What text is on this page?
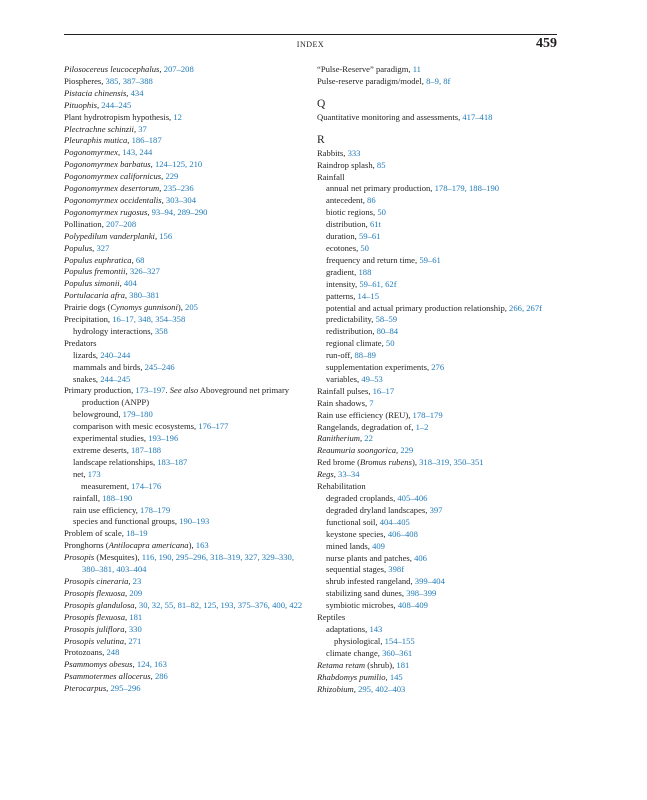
INDEX	459
Pilosocereus leucocephalus, 207–208
Piospheres, 385, 387–388
Pistacia chinensis, 434
Pituophis, 244–245
Plant hydrotropism hypothesis, 12
Plectrachne schinzii, 37
Pleuraphis mutica, 186–187
Pogonomyrmex, 143, 244
Pogonomyrmex barbatus, 124–125, 210
Pogonomyrmex californicus, 229
Pogonomyrmex desertorum, 235–236
Pogonomyrmex occidentalis, 303–304
Pogonomyrmex rugosus, 93–94, 289–290
Pollination, 207–208
Polypedilum vanderplanki, 156
Populus, 327
Populus euphratica, 68
Populus fremontii, 326–327
Populus simonii, 404
Portulacaria afra, 380–381
Prairie dogs (Cynomys gunnisoni), 205
Precipitation, 16–17, 348, 354–358
hydrology interactions, 358
Predators
lizards, 240–244
mammals and birds, 245–246
snakes, 244–245
Primary production, 173–197. See also Aboveground net primary production (ANPP)
belowground, 179–180
comparison with mesic ecosystems, 176–177
experimental studies, 193–196
extreme deserts, 187–188
landscape relationships, 183–187
net, 173
measurement, 174–176
rainfall, 188–190
rain use efficiency, 178–179
species and functional groups, 190–193
Problem of scale, 18–19
Pronghorns (Antilocapra americana), 163
Prosopis (Mesquites), 116, 190, 295–296, 318–319, 327, 329–330, 380–381, 403–404
Prosopis cineraria, 23
Prosopis flexuosa, 209
Prosopis glandulosa, 30, 32, 55, 81–82, 125, 193, 375–376, 400, 422
Prosopis flexuosa, 181
Prosopis juliflora, 330
Prosopis velutina, 271
Protozoans, 248
Psammomys obesus, 124, 163
Psammotermes allocerus, 286
Pterocarpus, 295–296
“Pulse-Reserve” paradigm, 11
Pulse-reserve paradigm/model, 8–9, 8f
Q
Quantitative monitoring and assessments, 417–418
R
Rabbits, 333
Raindrop splash, 85
Rainfall
annual net primary production, 178–179, 188–190
antecedent, 86
biotic regions, 50
distribution, 61t
duration, 59–61
ecotones, 50
frequency and return time, 59–61
gradient, 188
intensity, 59–61, 62f
patterns, 14–15
potential and actual primary production relationship, 266, 267f
predictability, 58–59
redistribution, 80–84
regional climate, 50
run-off, 88–89
supplementation experiments, 276
variables, 49–53
Rainfall pulses, 16–17
Rain shadows, 7
Rain use efficiency (REU), 178–179
Rangelands, degradation of, 1–2
Ranitherium, 22
Reaumuria soongorica, 229
Red brome (Bromus rubens), 318–319, 350–351
Regs, 33–34
Rehabilitation
degraded croplands, 405–406
degraded dryland landscapes, 397
functional soil, 404–405
keystone species, 406–408
mined lands, 409
nurse plants and patches, 406
sequential stages, 398f
shrub infested rangeland, 399–404
stabilizing sand dunes, 398–399
symbiotic microbes, 408–409
Reptiles
adaptations, 143
physiological, 154–155
climate change, 360–361
Retama retam (shrub), 181
Rhabdomys pumilio, 145
Rhizobium, 295, 402–403
